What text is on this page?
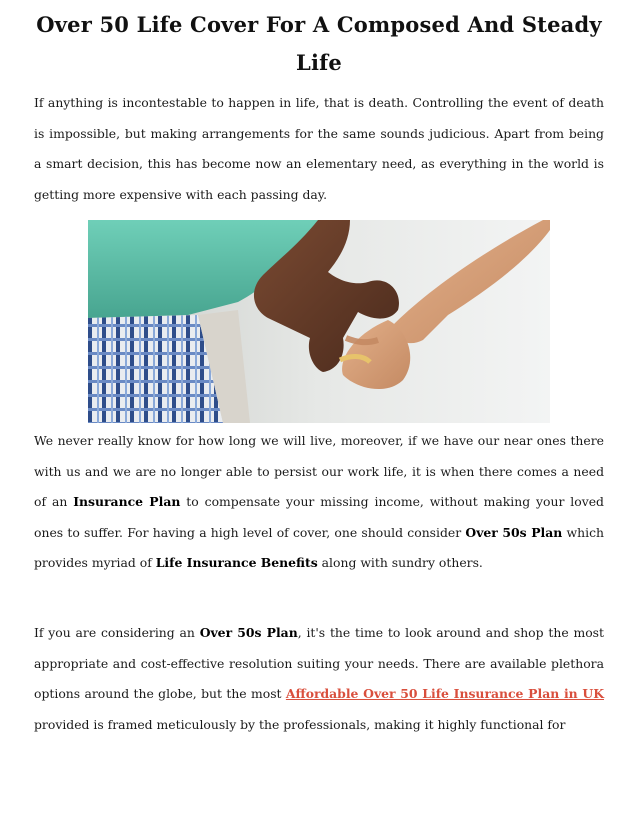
Over 50 Life Cover For A Composed And Steady Life

If anything is incontestable to happen in life, that is death. Controlling the event of death is impossible, but making arrangements for the same sounds judicious. Apart from being a smart decision, this has become now an elementary need, as everything in the world is getting more expensive with each passing day.

We never really know for how long we will live, moreover, if we have our near ones there with us and we are no longer able to persist our work life, it is when there comes a need of an Insurance Plan to compensate your missing income, without making your loved ones to suffer. For having a high level of cover, one should consider Over 50s Plan which provides myriad of Life Insurance Benefits along with sundry others.

If you are considering an Over 50s Plan, it's the time to look around and shop the most appropriate and cost-effective resolution suiting your needs. There are available plethora options around the globe, but the most Affordable Over 50 Life Insurance Plan in UK provided is framed meticulously by the professionals, making it highly functional for
